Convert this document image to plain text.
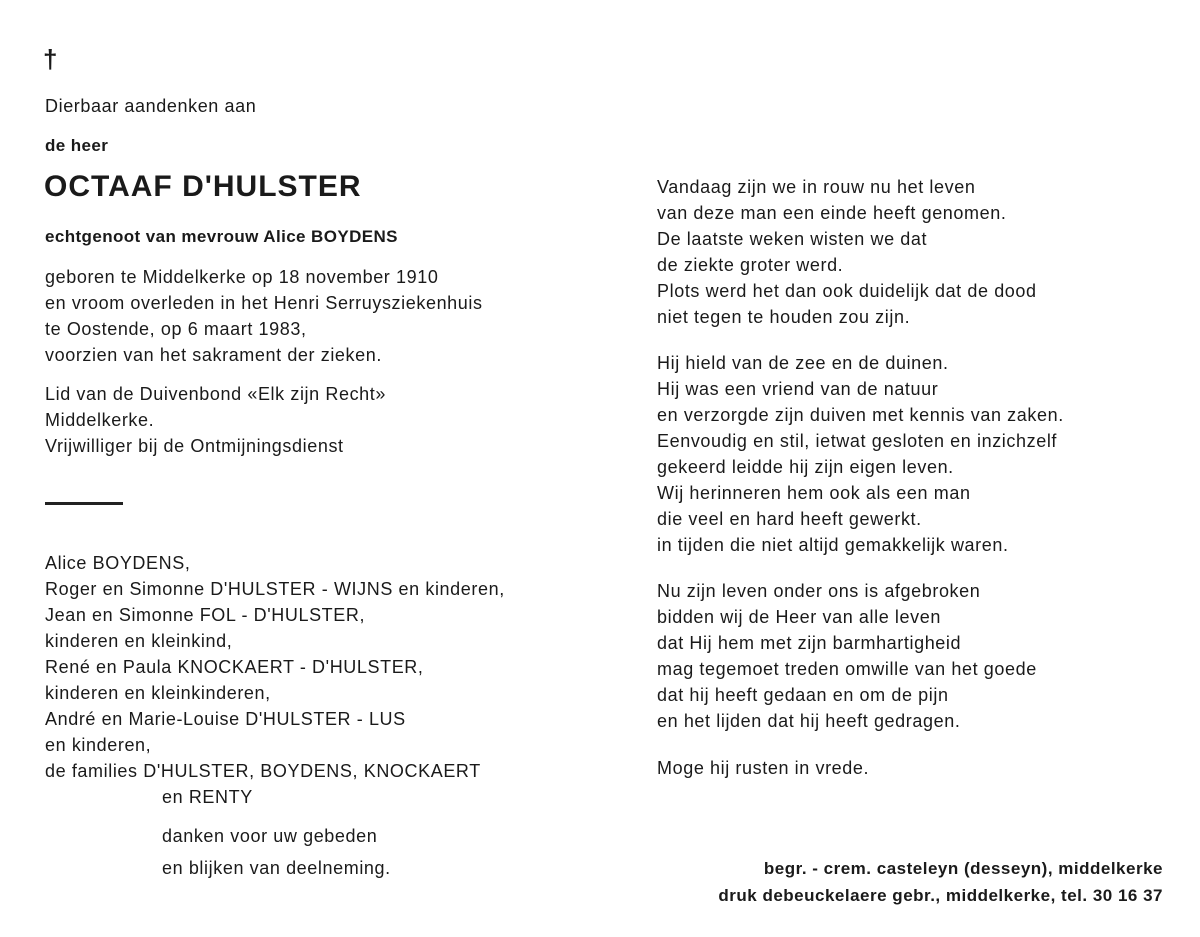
†
Dierbaar aandenken aan
de heer
OCTAAF D'HULSTER
echtgenoot van mevrouw Alice BOYDENS
geboren te Middelkerke op 18 november 1910
en vroom overleden in het Henri Serruysziekenhuis
te Oostende, op 6 maart 1983,
voorzien van het sakrament der zieken.
Lid van de Duivenbond «Elk zijn Recht»
Middelkerke.
Vrijwilliger bij de Ontmijningsdienst
Alice BOYDENS,
Roger en Simonne D'HULSTER - WIJNS en kinderen,
Jean en Simonne FOL - D'HULSTER,
kinderen en kleinkind,
René en Paula KNOCKAERT - D'HULSTER,
kinderen en kleinkinderen,
André en Marie-Louise D'HULSTER - LUS
en kinderen,
de families D'HULSTER, BOYDENS, KNOCKAERT
en RENTY
danken voor uw gebeden
en blijken van deelneming.
Vandaag zijn we in rouw nu het leven
van deze man een einde heeft genomen.
De laatste weken wisten we dat
de ziekte groter werd.
Plots werd het dan ook duidelijk dat de dood
niet tegen te houden zou zijn.
Hij hield van de zee en de duinen.
Hij was een vriend van de natuur
en verzorgde zijn duiven met kennis van zaken.
Eenvoudig en stil, ietwat gesloten en inzichzelf
gekeerd leidde hij zijn eigen leven.
Wij herinneren hem ook als een man
die veel en hard heeft gewerkt.
in tijden die niet altijd gemakkelijk waren.
Nu zijn leven onder ons is afgebroken
bidden wij de Heer van alle leven
dat Hij hem met zijn barmhartigheid
mag tegemoet treden omwille van het goede
dat hij heeft gedaan en om de pijn
en het lijden dat hij heeft gedragen.
Moge hij rusten in vrede.
begr. - crem. casteleyn (desseyn), middelkerke
druk debeuckelaere gebr., middelkerke, tel. 30 16 37
